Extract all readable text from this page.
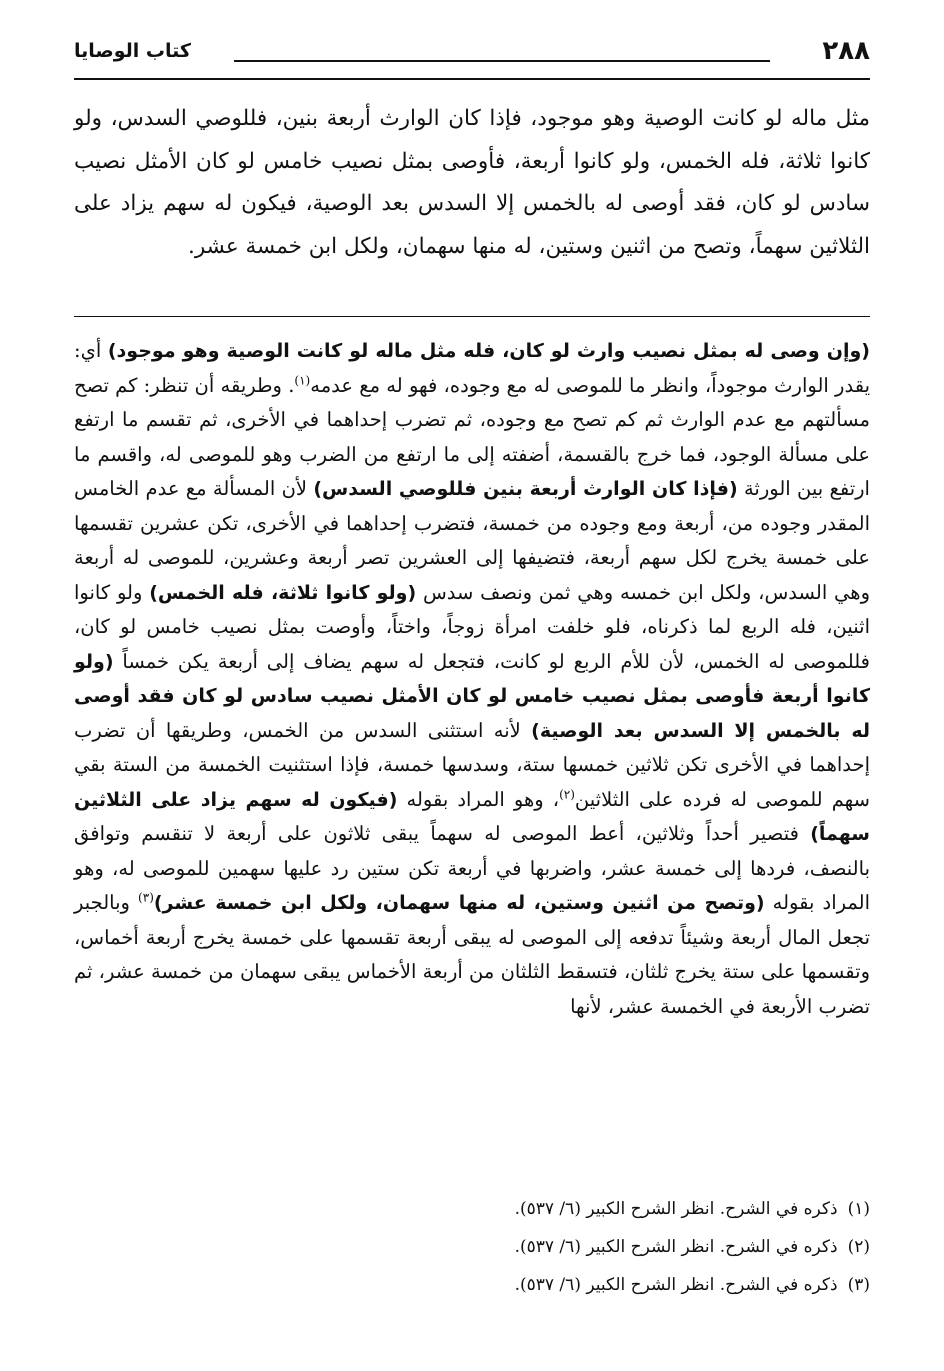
٢٨٨
كتاب الوصايا
مثل ماله لو كانت الوصية وهو موجود، فإذا كان الوارث أربعة بنين، فللوصي السدس، ولو كانوا ثلاثة، فله الخمس، ولو كانوا أربعة، فأوصى بمثل نصيب خامس لو كان الأمثل نصيب سادس لو كان، فقد أوصى له بالخمس إلا السدس بعد الوصية، فيكون له سهم يزاد على الثلاثين سهماً، وتصح من اثنين وستين، له منها سهمان، ولكل ابن خمسة عشر.
(وإن وصى له بمثل نصيب وارث لو كان، فله مثل ماله لو كانت الوصية وهو موجود) أي: يقدر الوارث موجوداً، وانظر ما للموصى له مع وجوده، فهو له مع عدمه$^{(١)}$. وطريقه أن تنظر: كم تصح مسألتهم مع عدم الوارث ثم كم تصح مع وجوده، ثم تضرب إحداهما في الأخرى، ثم تقسم ما ارتفع على مسألة الوجود، فما خرج بالقسمة، أضفته إلى ما ارتفع من الضرب وهو للموصى له، واقسم ما ارتفع بين الورثة (فإذا كان الوارث أربعة بنين فللوصي السدس) لأن المسألة مع عدم الخامس المقدر وجوده من، أربعة ومع وجوده من خمسة، فتضرب إحداهما في الأخرى، تكن عشرين تقسمها على خمسة يخرج لكل سهم أربعة، فتضيفها إلى العشرين تصر أربعة وعشرين، للموصى له أربعة وهي السدس، ولكل ابن خمسه وهي ثمن ونصف سدس (ولو كانوا ثلاثة، فله الخمس) ولو كانوا اثنين، فله الربع لما ذكرناه، فلو خلفت امرأة زوجاً، واختاً، وأوصت بمثل نصيب خامس لو كان، فللموصى له الخمس، لأن للأم الربع لو كانت، فتجعل له سهم يضاف إلى أربعة يكن خمساً (ولو كانوا أربعة فأوصى بمثل نصيب خامس لو كان الأمثل نصيب سادس لو كان فقد أوصى له بالخمس إلا السدس بعد الوصية) لأنه استثنى السدس من الخمس، وطريقها أن تضرب إحداهما في الأخرى تكن ثلاثين خمسها ستة، وسدسها خمسة، فإذا استثنيت الخمسة من الستة بقي سهم للموصى له فرده على الثلاثين$^{(٢)}$، وهو المراد بقوله (فيكون له سهم يزاد على الثلاثين سهماً) فتصير أحداً وثلاثين، أعط الموصى له سهماً يبقى ثلاثون على أربعة لا تنقسم وتوافق بالنصف، فردها إلى خمسة عشر، واضربها في أربعة تكن ستين رد عليها سهمين للموصى له، وهو المراد بقوله (وتصح من اثنين وستين، له منها سهمان، ولكل ابن خمسة عشر)$^{(٣)}$ وبالجبر تجعل المال أربعة وشيئاً تدفعه إلى الموصى له يبقى أربعة تقسمها على خمسة يخرج أربعة أخماس، وتقسمها على ستة يخرج ثلثان، فتسقط الثلثان من أربعة الأخماس يبقى سهمان من خمسة عشر، ثم تضرب الأربعة في الخمسة عشر، لأنها
(١)ذكره في الشرح. انظر الشرح الكبير (٦/ ٥٣٧).
(٢)ذكره في الشرح. انظر الشرح الكبير (٦/ ٥٣٧).
(٣)ذكره في الشرح. انظر الشرح الكبير (٦/ ٥٣٧).
